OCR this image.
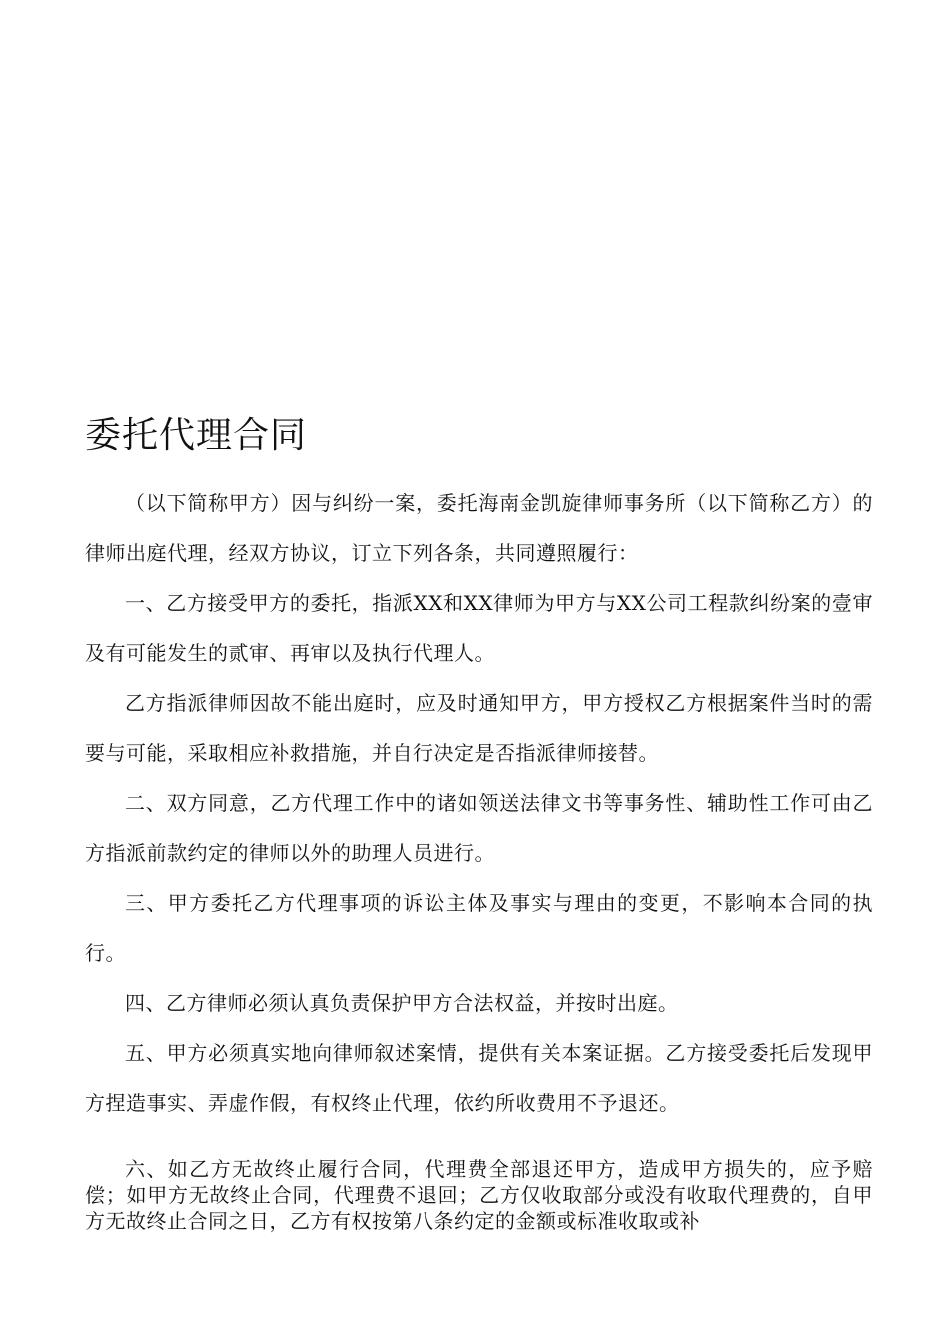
委托代理合同

（以下简称甲方）因与纠纷一案，委托海南金凯旋律师事务所（以下简称乙方）的律师出庭代理，经双方协议，订立下列各条，共同遵照履行：

一、乙方接受甲方的委托，指派XX和XX律师为甲方与XX公司工程款纠纷案的壹审及有可能发生的贰审、再审以及执行代理人。

乙方指派律师因故不能出庭时，应及时通知甲方，甲方授权乙方根据案件当时的需要与可能，采取相应补救措施，并自行决定是否指派律师接替。

二、双方同意，乙方代理工作中的诸如领送法律文书等事务性、辅助性工作可由乙方指派前款约定的律师以外的助理人员进行。

三、甲方委托乙方代理事项的诉讼主体及事实与理由的变更，不影响本合同的执行。

四、乙方律师必须认真负责保护甲方合法权益，并按时出庭。

五、甲方必须真实地向律师叙述案情，提供有关本案证据。乙方接受委托后发现甲方捏造事实、弄虚作假，有权终止代理，依约所收费用不予退还。

六、如乙方无故终止履行合同，代理费全部退还甲方，造成甲方损失的，应予赔偿；如甲方无故终止合同，代理费不退回；乙方仅收取部分或没有收取代理费的，自甲方无故终止合同之日，乙方有权按第八条约定的金额或标准收取或补
